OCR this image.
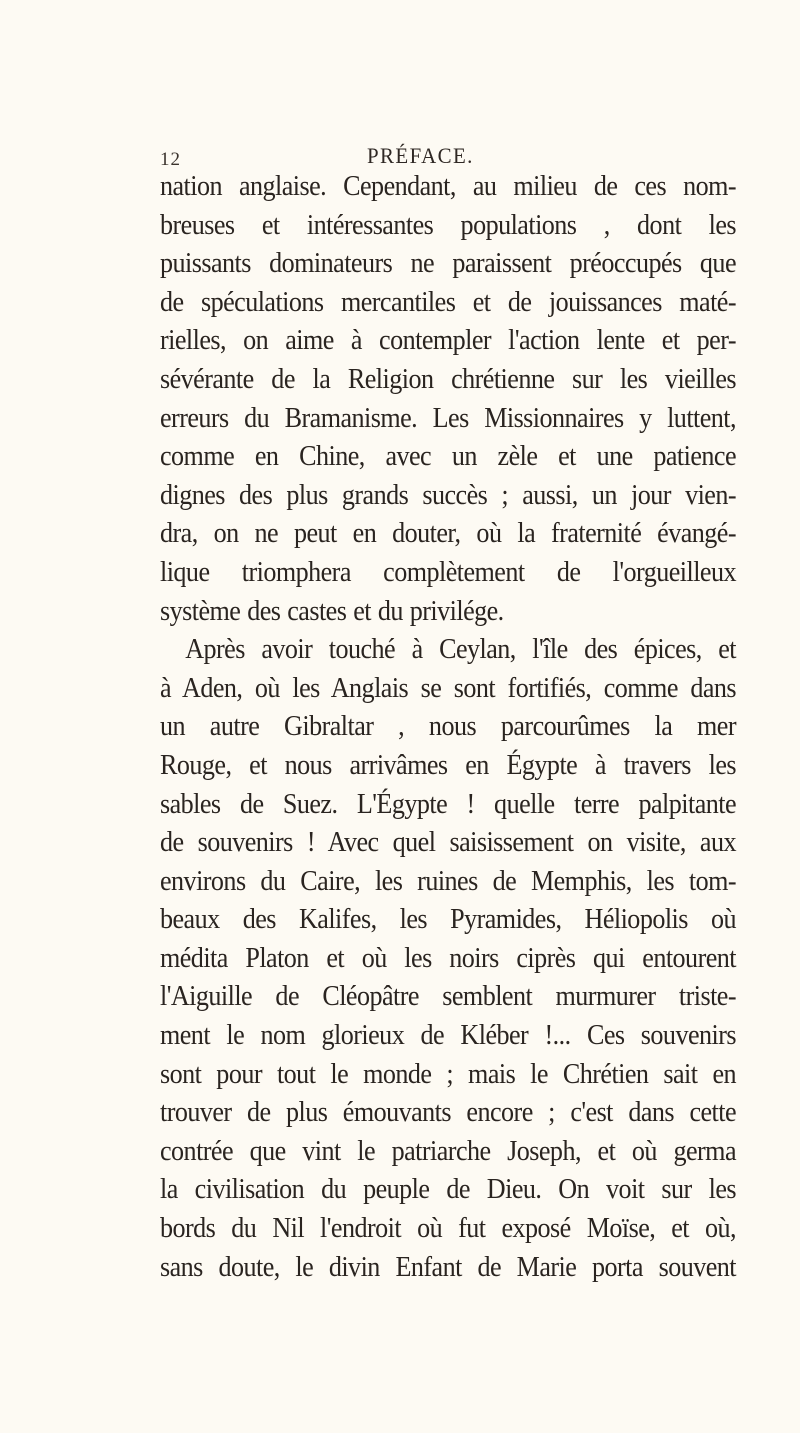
12	PRÉFACE.
nation anglaise. Cependant, au milieu de ces nom-
breuses et intéressantes populations , dont les
puissants dominateurs ne paraissent préoccupés que
de spéculations mercantiles et de jouissances maté-
rielles, on aime à contempler l'action lente et per-
sévérante de la Religion chrétienne sur les vieilles
erreurs du Bramanisme. Les Missionnaires y luttent,
comme en Chine, avec un zèle et une patience
dignes des plus grands succès ; aussi, un jour vien-
dra, on ne peut en douter, où la fraternité évangé-
lique triomphera complètement de l'orgueilleux
système des castes et du privilége.
Après avoir touché à Ceylan, l'île des épices, et
à Aden, où les Anglais se sont fortifiés, comme dans
un autre Gibraltar , nous parcourûmes la mer
Rouge, et nous arrivâmes en Égypte à travers les
sables de Suez. L'Égypte ! quelle terre palpitante
de souvenirs ! Avec quel saisissement on visite, aux
environs du Caire, les ruines de Memphis, les tom-
beaux des Kalifes, les Pyramides, Héliopolis où
médita Platon et où les noirs ciprès qui entourent
l'Aiguille de Cléopâtre semblent murmurer triste-
ment le nom glorieux de Kléber !... Ces souvenirs
sont pour tout le monde ; mais le Chrétien sait en
trouver de plus émouvants encore ; c'est dans cette
contrée que vint le patriarche Joseph, et où germa
la civilisation du peuple de Dieu. On voit sur les
bords du Nil l'endroit où fut exposé Moïse, et où,
sans doute, le divin Enfant de Marie porta souvent
